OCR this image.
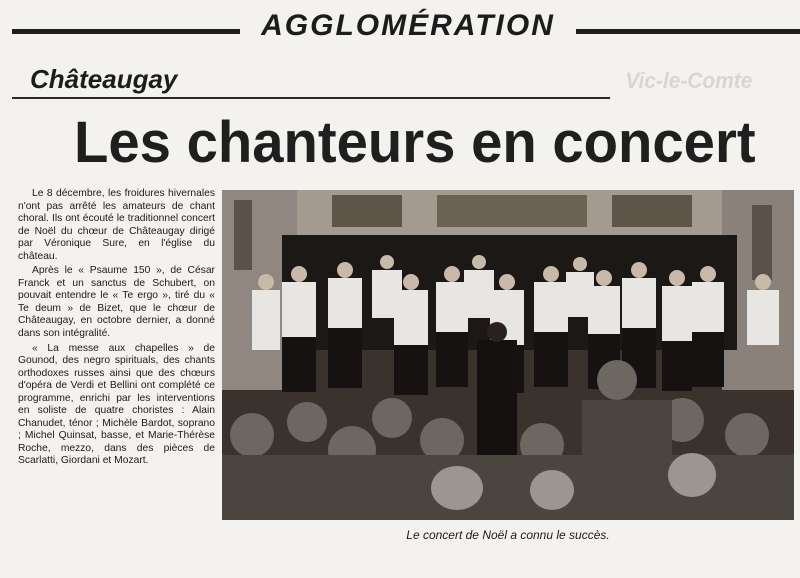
AGGLOMÉRATION
Châteaugay	Vic-le-Comte
Les chanteurs en concert

Le 8 décembre, les froidures hivernales n'ont pas arrêté les amateurs de chant choral. Ils ont écouté le traditionnel concert de Noël du chœur de Châteaugay dirigé par Véronique Sure, en l'église du château.

Après le « Psaume 150 », de César Franck et un sanctus de Schubert, on pouvait entendre le « Te ergo », tiré du « Te deum » de Bizet, que le chœur de Châteaugay, en octobre dernier, a donné dans son intégralité.

« La messe aux chapelles » de Gounod, des negro spirituals, des chants orthodoxes russes ainsi que des chœurs d'opéra de Verdi et Bellini ont complété ce programme, enrichi par les interventions en soliste de quatre choristes : Alain Chanudet, ténor ; Michèle Bardot, soprano ; Michel Quinsat, basse, et Marie-Thérèse Roche, mezzo, dans des pièces de Scarlatti, Giordani et Mozart.

Le concert de Noël a connu le succès.
